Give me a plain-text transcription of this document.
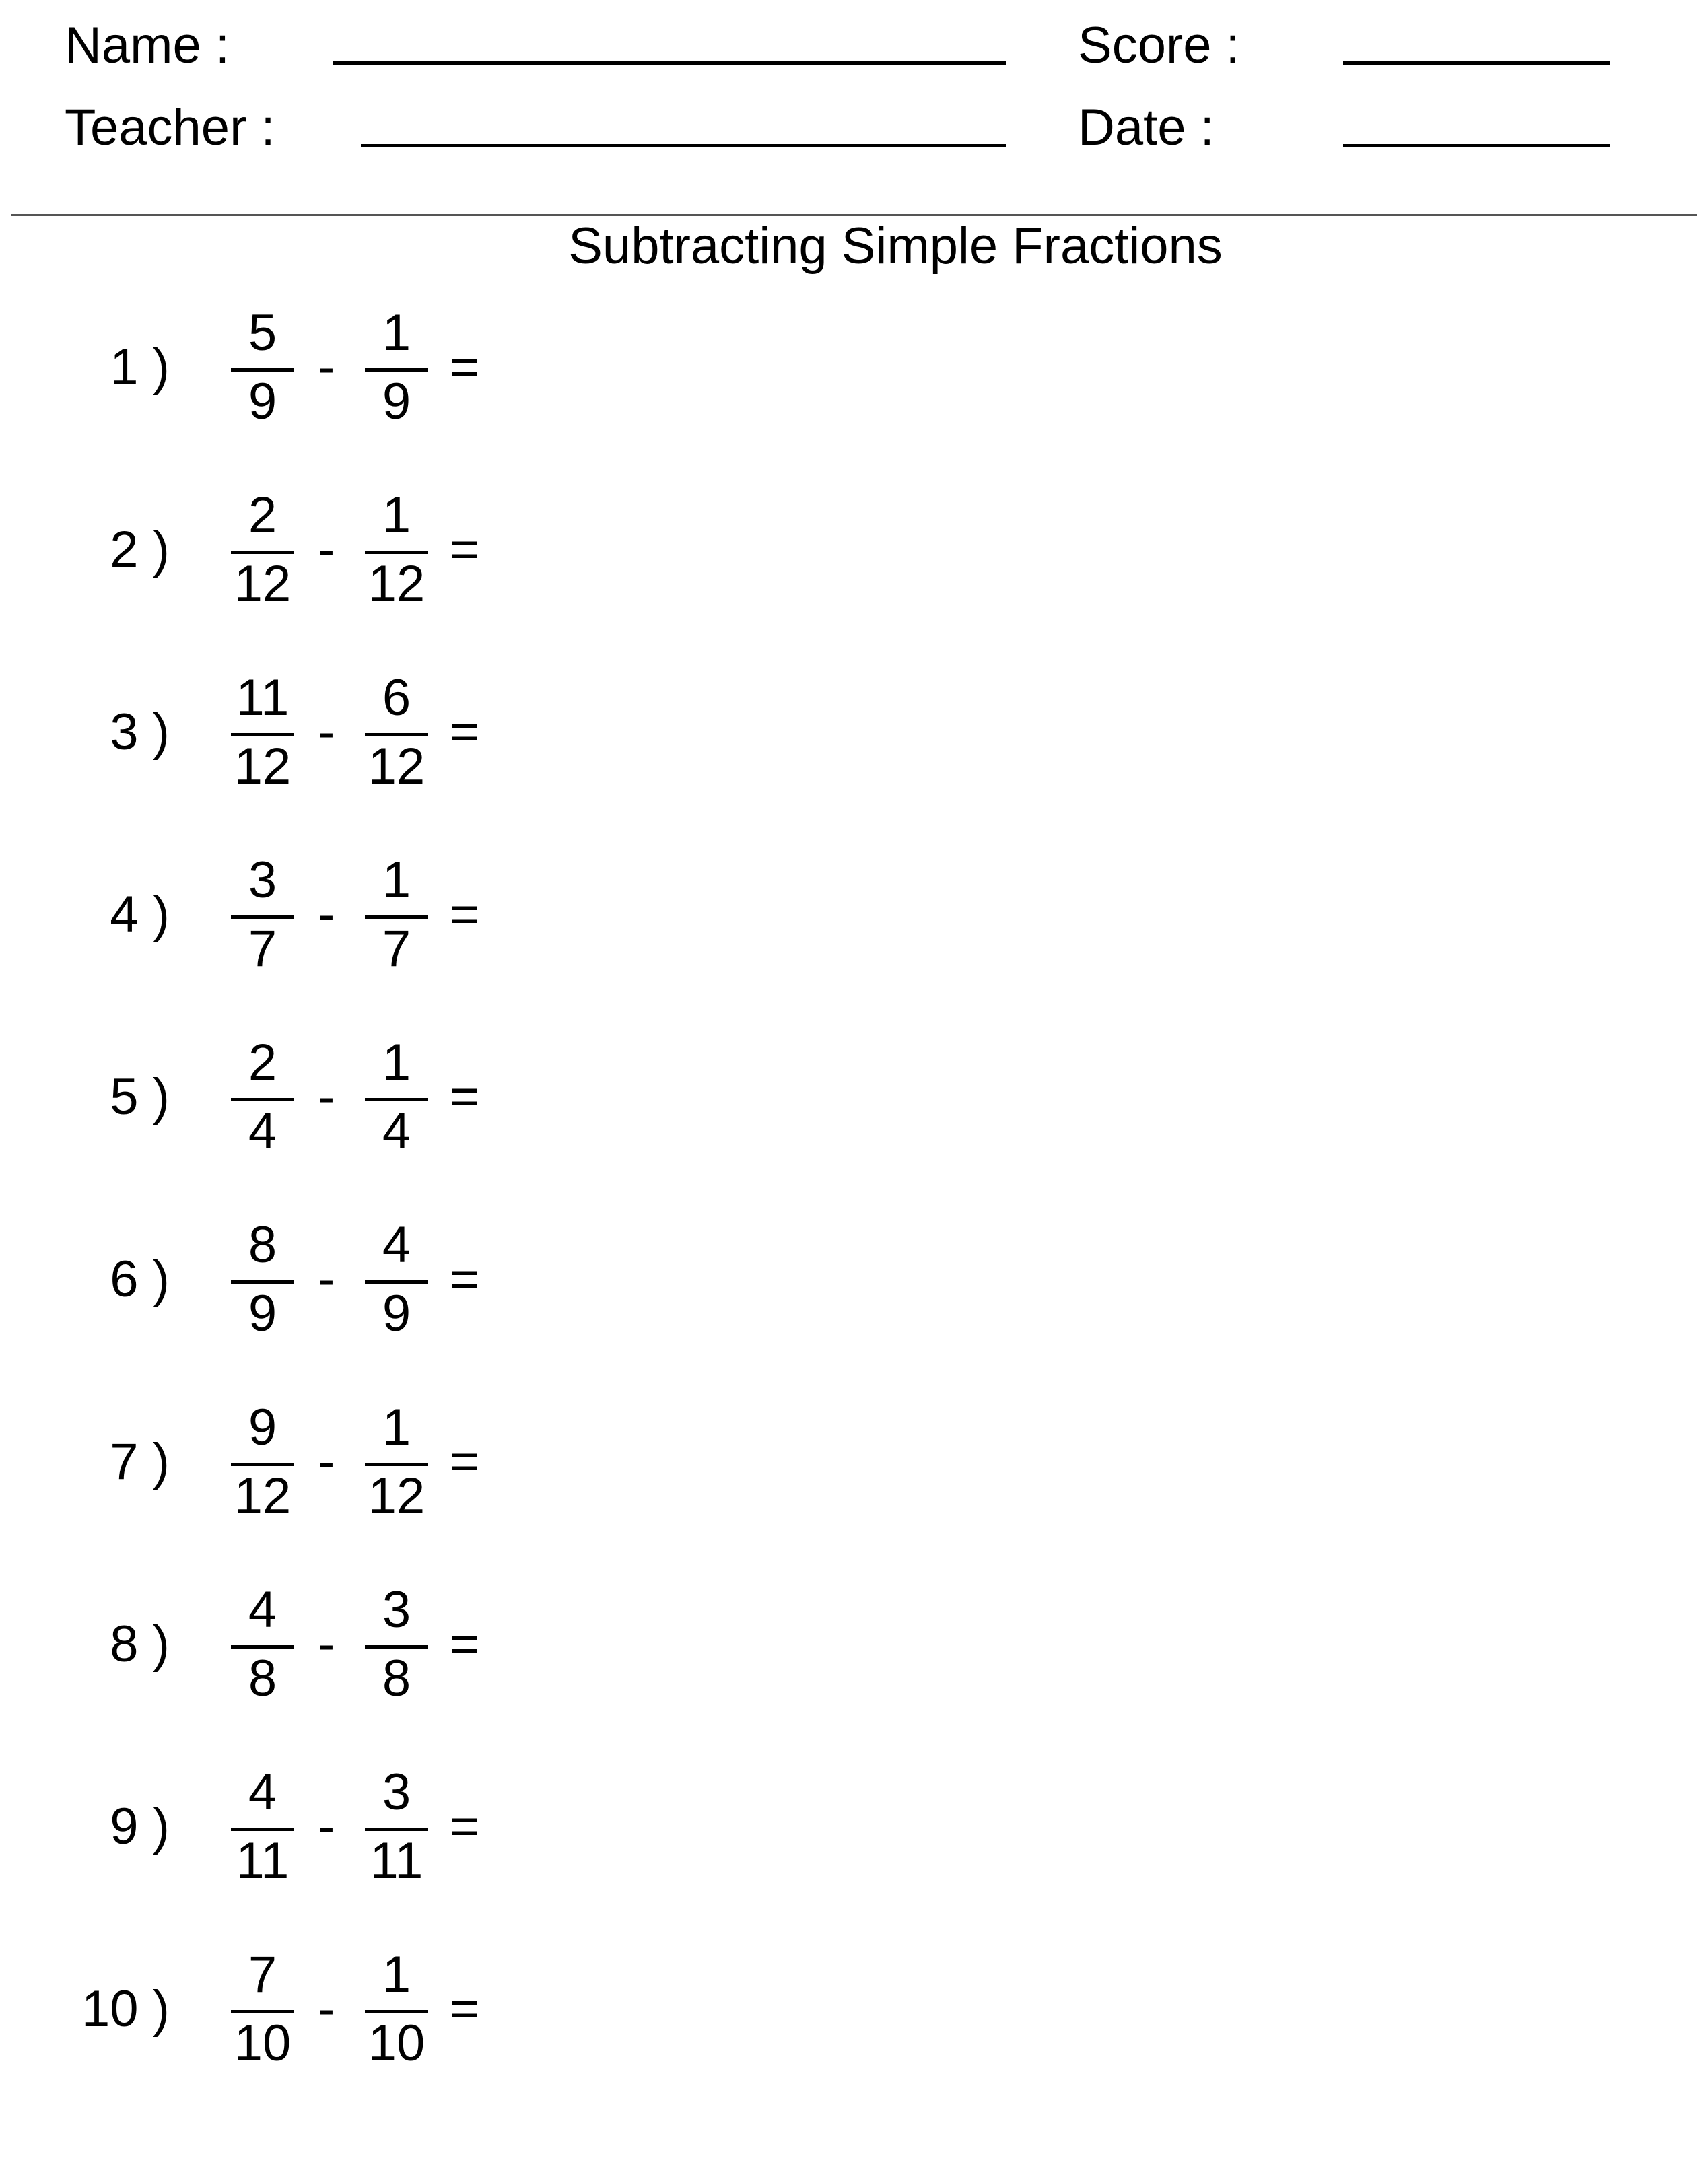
Name :
Teacher :
Score :
Date :
Subtracting Simple Fractions
1 )
5
9
-
1
9
=
2 )
2
12
-
1
12
=
3 )
11
12
-
6
12
=
4 )
3
7
-
1
7
=
5 )
2
4
-
1
4
=
6 )
8
9
-
4
9
=
7 )
9
12
-
1
12
=
8 )
4
8
-
3
8
=
9 )
4
11
-
3
11
=
10 )
7
10
-
1
10
=
